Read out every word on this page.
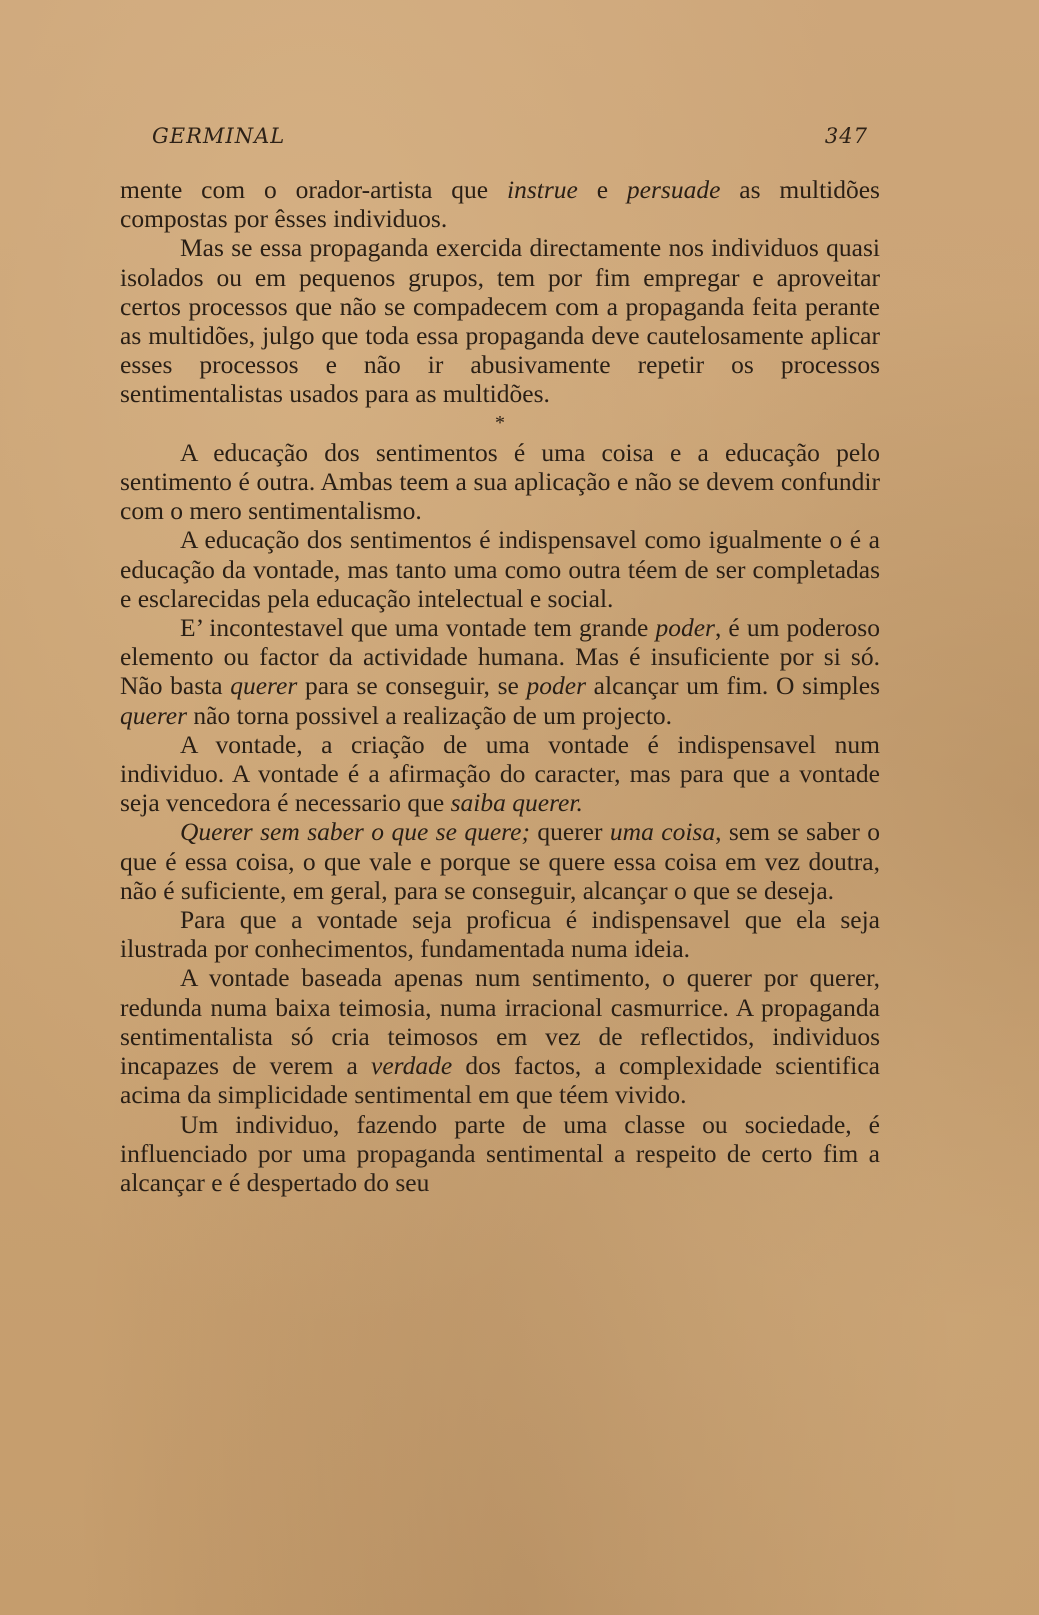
GERMINAL	347

mente com o orador-artista que instrue e persuade as multidões compostas por êsses individuos.

Mas se essa propaganda exercida directamente nos individuos quasi isolados ou em pequenos grupos, tem por fim empregar e aproveitar certos processos que não se compadecem com a propaganda feita perante as multidões, julgo que toda essa propaganda deve cautelosamente aplicar esses processos e não ir abusivamente repetir os processos sentimentalistas usados para as multidões.

*

A educação dos sentimentos é uma coisa e a educação pelo sentimento é outra. Ambas teem a sua aplicação e não se devem confundir com o mero sentimentalismo.

A educação dos sentimentos é indispensavel como igualmente o é a educação da vontade, mas tanto uma como outra téem de ser completadas e esclarecidas pela educação intelectual e social.

E’ incontestavel que uma vontade tem grande poder, é um poderoso elemento ou factor da actividade humana. Mas é insuficiente por si só. Não basta querer para se conseguir, se poder alcançar um fim. O simples querer não torna possivel a realização de um projecto.

A vontade, a criação de uma vontade é indispensavel num individuo. A vontade é a afirmação do caracter, mas para que a vontade seja vencedora é necessario que saiba querer.

Querer sem saber o que se quere; querer uma coisa, sem se saber o que é essa coisa, o que vale e porque se quere essa coisa em vez doutra, não é suficiente, em geral, para se conseguir, alcançar o que se deseja.

Para que a vontade seja proficua é indispensavel que ela seja ilustrada por conhecimentos, fundamentada numa ideia.

A vontade baseada apenas num sentimento, o querer por querer, redunda numa baixa teimosia, numa irracional casmurrice. A propaganda sentimentalista só cria teimosos em vez de reflectidos, individuos incapazes de verem a verdade dos factos, a complexidade scientifica acima da simplicidade sentimental em que téem vivido.

Um individuo, fazendo parte de uma classe ou sociedade, é influenciado por uma propaganda sentimental a respeito de certo fim a alcançar e é despertado do seu
